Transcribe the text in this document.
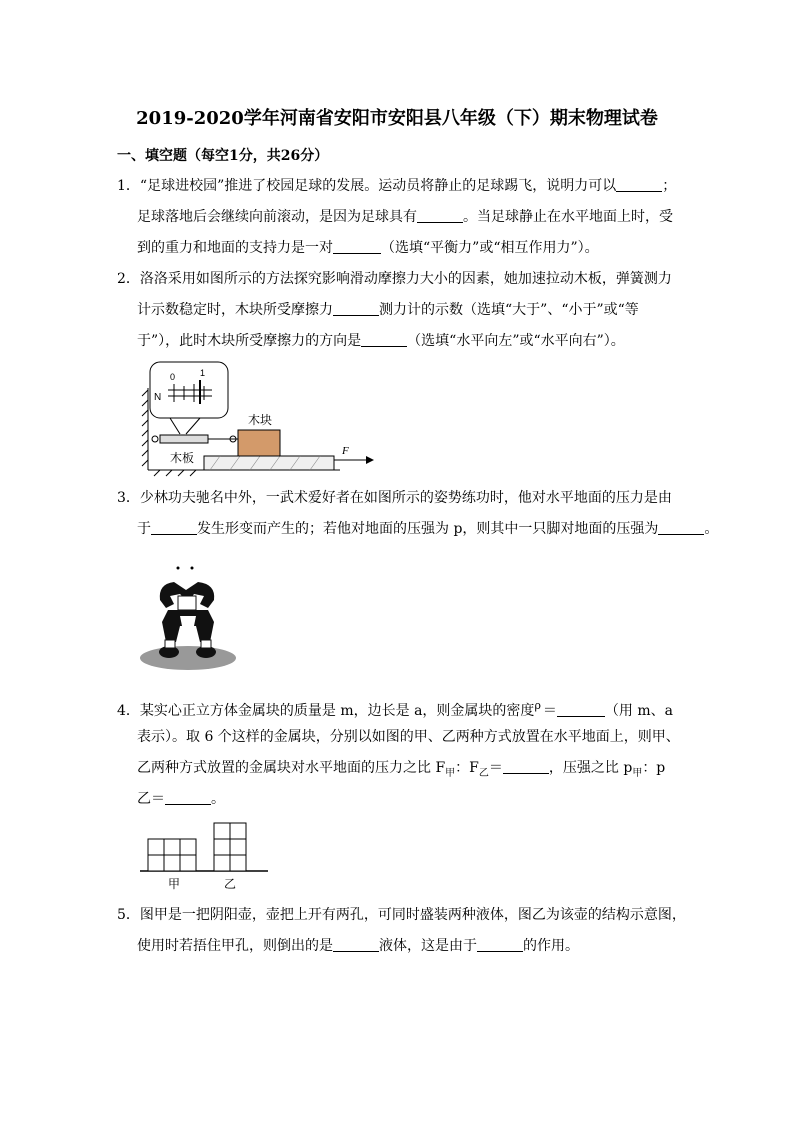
2019-2020学年河南省安阳市安阳县八年级（下）期末物理试卷
一、填空题（每空1分，共26分）
1．“足球进校园”推进了校园足球的发展。运动员将静止的足球踢飞，说明力可以	；
足球落地后会继续向前滚动，是因为足球具有	。当足球静止在水平地面上时，受
到的重力和地面的支持力是一对	（选填“平衡力”或“相互作用力”）。
2．洛洛采用如图所示的方法探究影响滑动摩擦力大小的因素，她加速拉动木板，弹簧测力
计示数稳定时，木块所受摩擦力	测力计的示数（选填“大于”、“小于”或“等
于”），此时木块所受摩擦力的方向是	（选填“水平向左”或“水平向右”）。
木块
木板	F
N
0	1
3．少林功夫驰名中外，一武术爱好者在如图所示的姿势练功时，他对水平地面的压力是由
于	发生形变而产生的；若他对地面的压强为 p，则其中一只脚对地面的压强为	。
4．某实心正立方体金属块的质量是 m，边长是 a，则金属块的密度$^\rho$ ＝	（用 m、a
表示）。取 6 个这样的金属块，分别以如图的甲、乙两种方式放置在水平地面上，则甲、
乙两种方式放置的金属块对水平地面的压力之比 $F_甲$：$F_乙=$	，压强之比 $p_甲$：p
乙＝	。
甲	乙
5．图甲是一把阴阳壶，壶把上开有两孔，可同时盛装两种液体，图乙为该壶的结构示意图，
使用时若捂住甲孔，则倒出的是	液体，这是由于	的作用。
